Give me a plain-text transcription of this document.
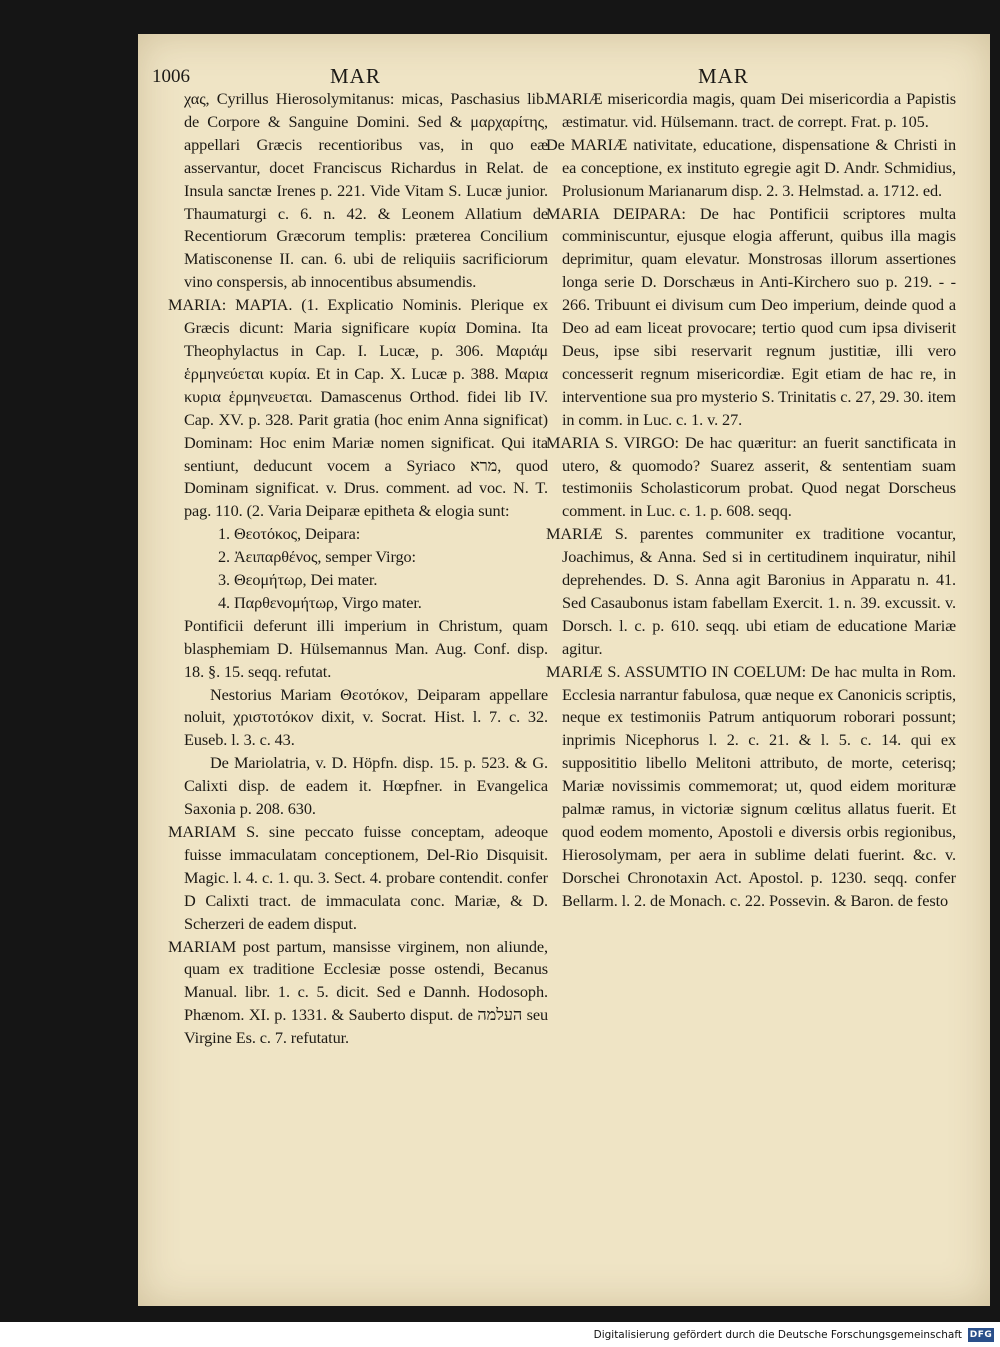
1006	MAR	MAR

χας, Cyrillus Hierosolymitanus: micas, Paschasius lib. de Corpore & Sanguine Domini. Sed & μαρχαρίτης, appellari Græcis recentioribus vas, in quo eæ asservantur, docet Franciscus Richardus in Relat. de Insula sanctæ Irenes p. 221. Vide Vitam S. Lucæ junior. Thaumaturgi c. 6. n. 42. & Leonem Allatium de Recentiorum Græcorum templis: præterea Concilium Matisconense II. can. 6. ubi de reliquiis sacrificiorum vino conspersis, ab innocentibus absumendis.

MARIA: ΜΑΡΊΑ. (1. Explicatio Nominis. Plerique ex Græcis dicunt: Maria significare κυρία Domina. Ita Theophylactus in Cap. I. Lucæ, p. 306. Μαριάμ ἑρμηνεύεται κυρία. Et in Cap. X. Lucæ p. 388. Μαρια κυρια ἑρμηνευεται. Damascenus Orthod. fidei lib IV. Cap. XV. p. 328. Parit gratia (hoc enim Anna significat) Dominam: Hoc enim Mariæ nomen significat. Qui ita sentiunt, deducunt vocem a Syriaco מרא, quod Dominam significat. v. Drus. comment. ad voc. N. T. pag. 110. (2. Varia Deiparæ epitheta & elogia sunt:

1. Θεοτόκος, Deipara:

2. Ἀειπαρθένος, semper Virgo:

3. Θεομήτωρ, Dei mater.

4. Παρθενομήτωρ, Virgo mater.

Pontificii deferunt illi imperium in Christum, quam blasphemiam D. Hülsemannus Man. Aug. Conf. disp. 18. §. 15. seqq. refutat.

Nestorius Mariam Θεοτόκον, Deiparam appellare noluit, χριστοτόκον dixit, v. Socrat. Hist. l. 7. c. 32. Euseb. l. 3. c. 43.

De Mariolatria, v. D. Höpfn. disp. 15. p. 523. & G. Calixti disp. de eadem it. Hœpfner. in Evangelica Saxonia p. 208. 630.

MARIAM S. sine peccato fuisse conceptam, adeoque fuisse immaculatam conceptionem, Del-Rio Disquisit. Magic. l. 4. c. 1. qu. 3. Sect. 4. probare contendit. confer D Calixti tract. de immaculata conc. Mariæ, & D. Scherzeri de eadem disput.

MARIAM post partum, mansisse virginem, non aliunde, quam ex traditione Ecclesiæ posse ostendi, Becanus Manual. libr. 1. c. 5. dicit. Sed e Dannh. Hodosoph. Phænom. XI. p. 1331. & Sauberto disput. de העלמה seu Virgine Es. c. 7. refutatur.

MARIÆ misericordia magis, quam Dei misericordia a Papistis æstimatur. vid. Hülsemann. tract. de corrept. Frat. p. 105.

De MARIÆ nativitate, educatione, dispensatione & Christi in ea conceptione, ex instituto egregie agit D. Andr. Schmidius, Prolusionum Marianarum disp. 2. 3. Helmstad. a. 1712. ed.

MARIA DEIPARA: De hac Pontificii scriptores multa comminiscuntur, ejusque elogia afferunt, quibus illa magis deprimitur, quam elevatur. Monstrosas illorum assertiones longa serie D. Dorschæus in Anti-Kirchero suo p. 219. - - 266. Tribuunt ei divisum cum Deo imperium, deinde quod a Deo ad eam liceat provocare; tertio quod cum ipsa diviserit Deus, ipse sibi reservarit regnum justitiæ, illi vero concesserit regnum misericordiæ. Egit etiam de hac re, in interventione sua pro mysterio S. Trinitatis c. 27, 29. 30. item in comm. in Luc. c. 1. v. 27.

MARIA S. VIRGO: De hac quæritur: an fuerit sanctificata in utero, & quomodo? Suarez asserit, & sententiam suam testimoniis Scholasticorum probat. Quod negat Dorscheus comment. in Luc. c. 1. p. 608. seqq.

MARIÆ S. parentes communiter ex traditione vocantur, Joachimus, & Anna. Sed si in certitudinem inquiratur, nihil deprehendes. D. S. Anna agit Baronius in Apparatu n. 41. Sed Casaubonus istam fabellam Exercit. 1. n. 39. excussit. v. Dorsch. l. c. p. 610. seqq. ubi etiam de educatione Mariæ agitur.

MARIÆ S. ASSUMTIO IN COELUM: De hac multa in Rom. Ecclesia narrantur fabulosa, quæ neque ex Canonicis scriptis, neque ex testimoniis Patrum antiquorum roborari possunt; inprimis Nicephorus l. 2. c. 21. & l. 5. c. 14. qui ex supposititio libello Melitoni attributo, de morte, ceterisq; Mariæ novissimis commemorat; ut, quod eidem morituræ palmæ ramus, in victoriæ signum cœlitus allatus fuerit. Et quod eodem momento, Apostoli e diversis orbis regionibus, Hierosolymam, per aera in sublime delati fuerint. &c. v. Dorschei Chronotaxin Act. Apostol. p. 1230. seqq. confer Bellarm. l. 2. de Monach. c. 22. Possevin. & Baron. de festo

Digitalisierung gefördert durch die Deutsche Forschungsgemeinschaft DFG
